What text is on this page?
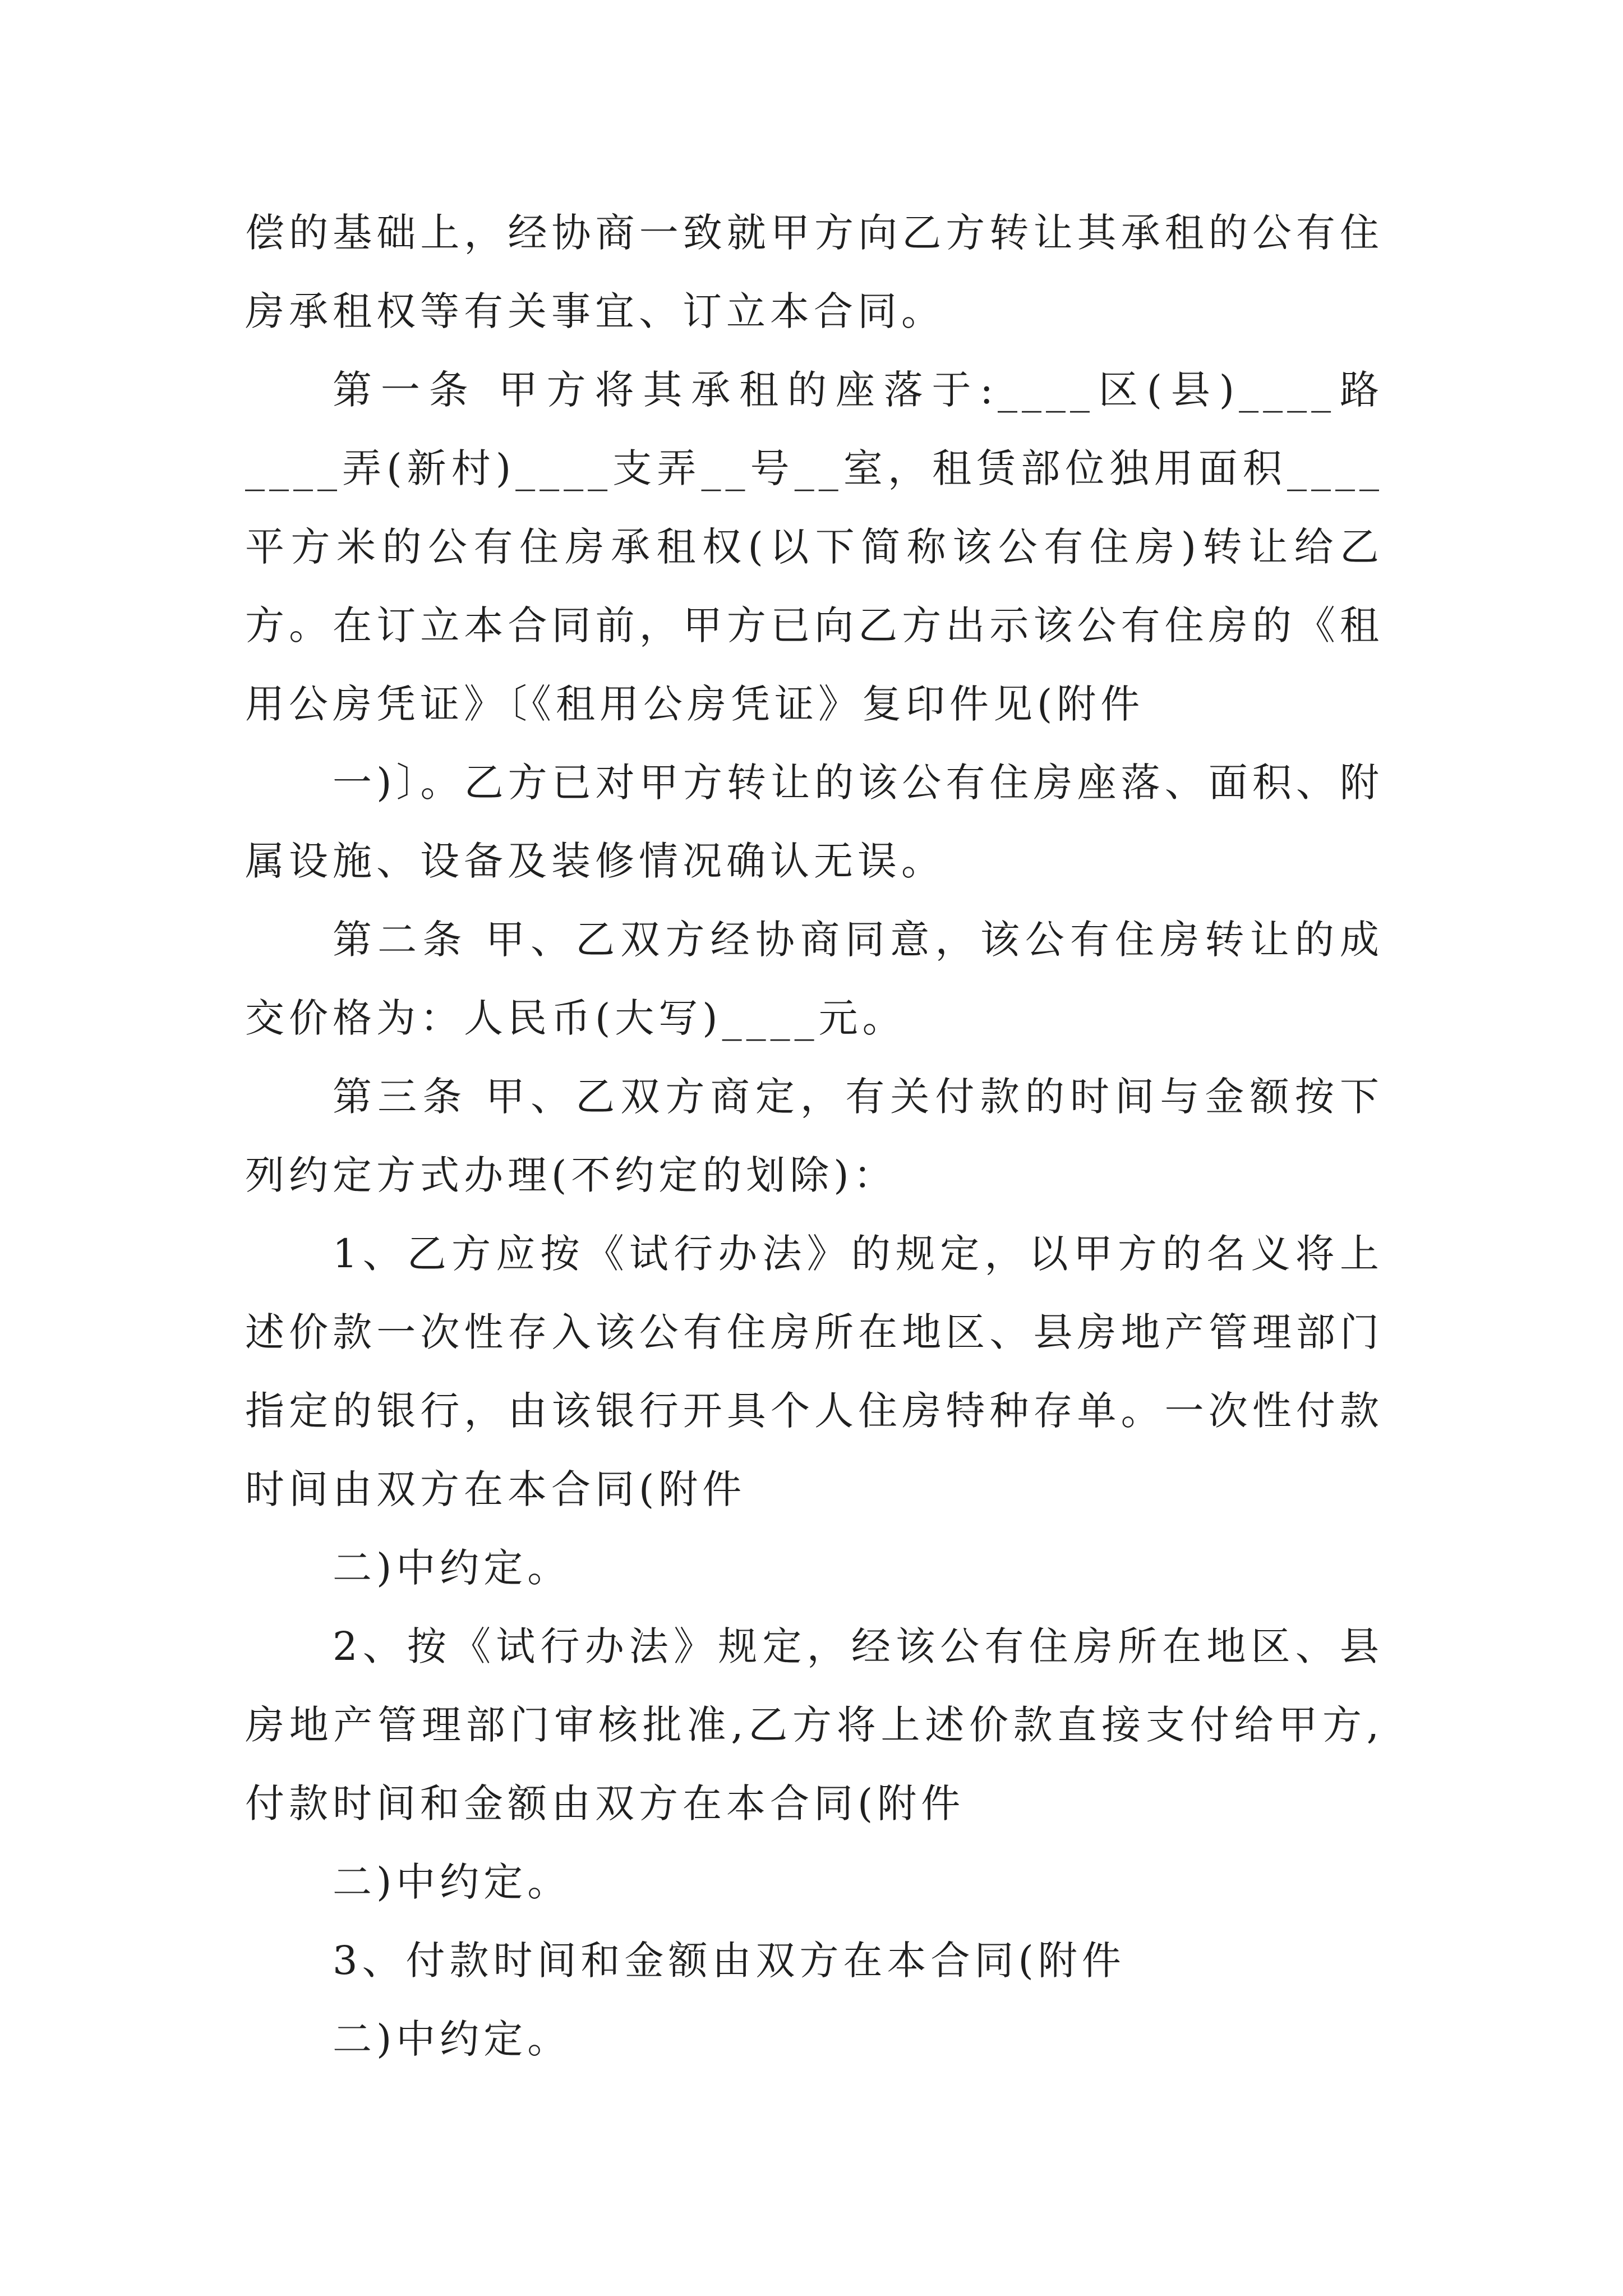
偿的基础上，经协商一致就甲方向乙方转让其承租的公有住房承租权等有关事宜、订立本合同。

第一条 甲方将其承租的座落于:____区(县)____路____弄(新村)____支弄__号__室，租赁部位独用面积____平方米的公有住房承租权(以下简称该公有住房)转让给乙方。在订立本合同前，甲方已向乙方出示该公有住房的《租用公房凭证》〔《租用公房凭证》复印件见(附件

一)〕。乙方已对甲方转让的该公有住房座落、面积、附属设施、设备及装修情况确认无误。

第二条 甲、乙双方经协商同意，该公有住房转让的成交价格为：人民币(大写)____元。

第三条 甲、乙双方商定，有关付款的时间与金额按下列约定方式办理(不约定的划除)：

1、乙方应按《试行办法》的规定，以甲方的名义将上述价款一次性存入该公有住房所在地区、县房地产管理部门指定的银行，由该银行开具个人住房特种存单。一次性付款时间由双方在本合同(附件

二)中约定。

2、按《试行办法》规定，经该公有住房所在地区、县房地产管理部门审核批准,乙方将上述价款直接支付给甲方,付款时间和金额由双方在本合同(附件

二)中约定。

3、付款时间和金额由双方在本合同(附件

二)中约定。
